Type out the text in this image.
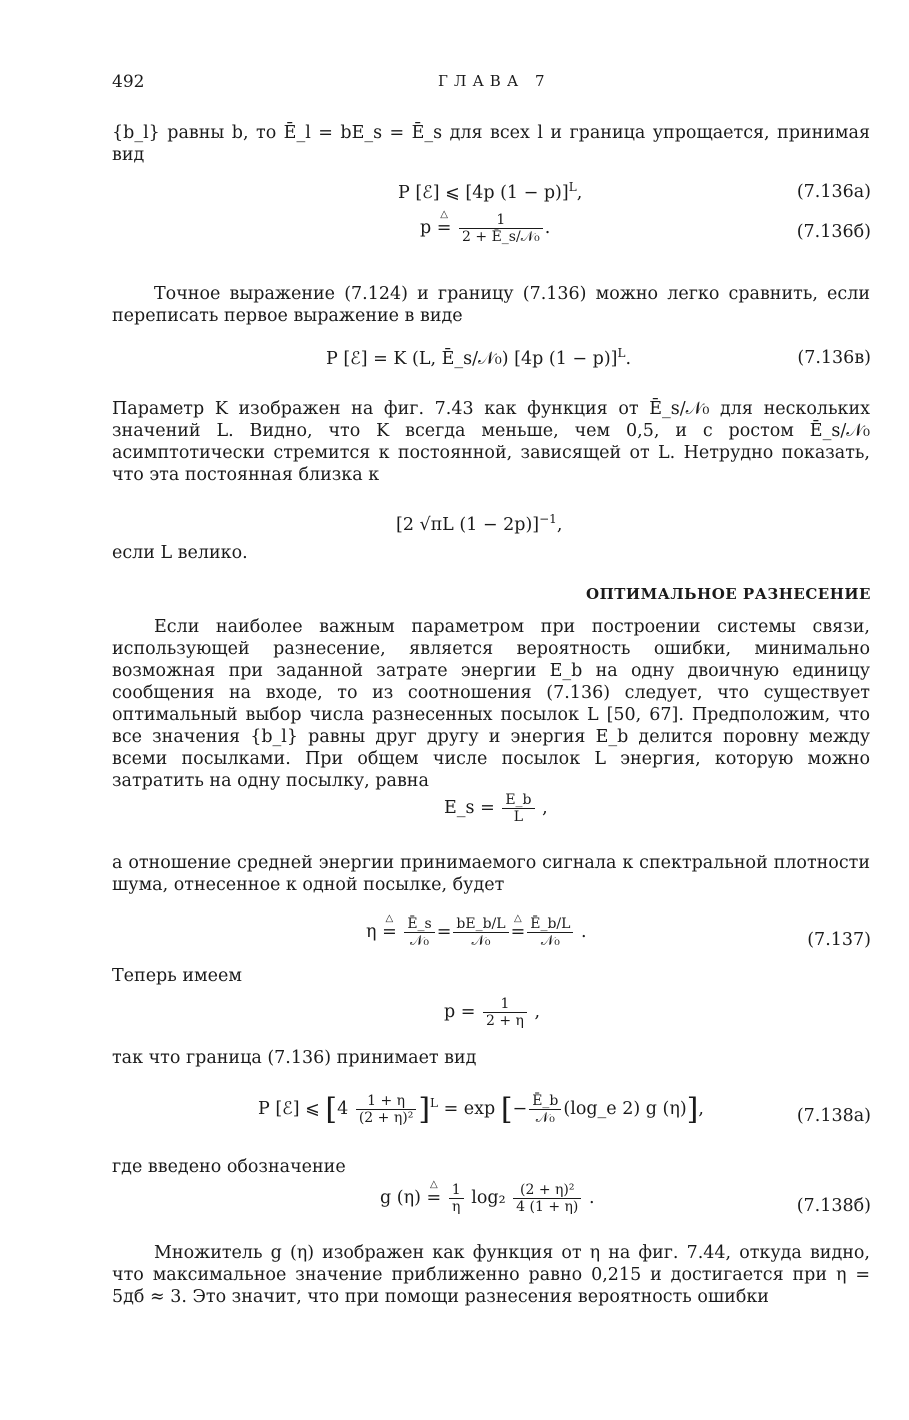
492	ГЛАВА 7
{b_l} равны b, то Ē_l = bE_s = Ē_s для всех l и граница упрощается, принимая вид
P [ℰ] ⩽ [4p (1 − p)]$^L$,	(7.136а)
p
△
= $\frac{1}{\text{2 + Ē\_s/𝒩₀}}$ .	(7.136б)
Точное выражение (7.124) и границу (7.136) можно легко сравнить, если переписать первое выражение в виде
P [ℰ] = K (L, Ē_s/𝒩₀) [4p (1 − p)]$^L$.	(7.136в)
Параметр K изображен на фиг. 7.43 как функция от Ē_s/𝒩₀ для нескольких значений L. Видно, что K всегда меньше, чем 0,5, и с ростом Ē_s/𝒩₀ асимптотически стремится к постоянной, зависящей от L. Нетрудно показать, что эта постоянная близка к
[2 √πL (1 − 2p)]$^{-1}$,
если L велико.
ОПТИМАЛЬНОЕ РАЗНЕСЕНИЕ
Если наиболее важным параметром при построении системы связи, использующей разнесение, является вероятность ошибки, минимально возможная при заданной затрате энергии E_b на одну двоичную единицу сообщения на входе, то из соотношения (7.136) следует, что существует оптимальный выбор числа разнесенных посылок L [50, 67]. Предположим, что все значения {b_l} равны друг другу и энергия E_b делится поровну между всеми посылками. При общем числе посылок L энергия, которую можно затратить на одну посылку, равна
E_s = $\frac{E\_b}{L}$ ,
а отношение средней энергии принимаемого сигнала к спектральной плотности шума, отнесенное к одной посылке, будет
η
△
= $\frac{Ē\_s}{\text{𝒩₀}} = \frac{bE\_b/L}{\text{𝒩₀}}$ △
= $\frac{Ē\_b/L}{\text{𝒩₀}}$ .	(7.137)
Теперь имеем
$p = \frac{1}{2 + \eta}$ ,
так что граница (7.136) принимает вид
P [ℰ] ⩽ $[4 \frac{1 + \eta}{\text{(2 + η)²}} ]^L = \exp$ [− $\frac{Ē\_b}{\text{𝒩₀}}$ (log_e 2) g (η)],	(7.138а)
где введено обозначение
g (η)
△
= $\frac{1}{\eta} \log_2 \frac{\text{(2 + η)²}}{4 (1 + \eta)}$ .	(7.138б)
Множитель g (η) изображен как функция от η на фиг. 7.44, откуда видно, что максимальное значение приближенно равно 0,215 и достигается при η = 5дб ≈ 3. Это значит, что при помощи разнесения вероятность ошибки
